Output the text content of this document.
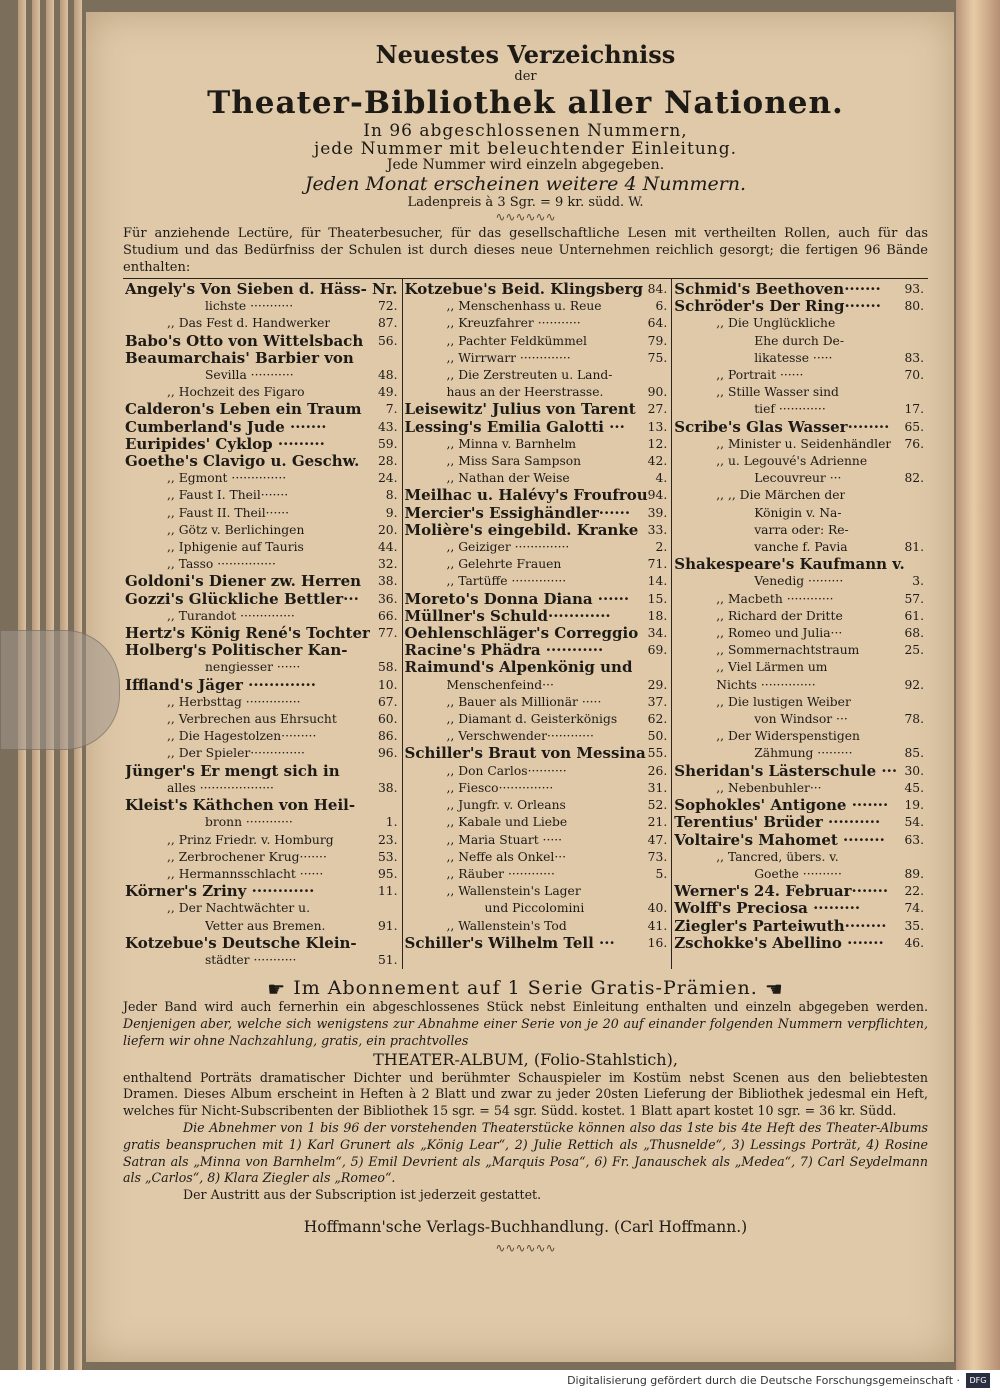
Neuestes Verzeichniss
der
Theater-Bibliothek aller Nationen.
In 96 abgeschlossenen Nummern,
jede Nummer mit beleuchtender Einleitung.
Jede Nummer wird einzeln abgegeben.
Jeden Monat erscheinen weitere 4 Nummern.
Ladenpreis à 3 Sgr. = 9 kr. südd. W.
∿∿∿∿∿∿
Für anziehende Lectüre, für Theaterbesucher, für das gesellschaftliche Lesen mit vertheilten Rollen, auch für das Studium und das Bedürfniss der Schulen ist durch dieses neue Unternehmen reichlich gesorgt; die fertigen 96 Bände enthalten:
Angely's Von Sieben d. Häss- Nr.
lichste ···········	72.
,, Das Fest d. Handwerker	87.
Babo's Otto von Wittelsbach 56.
Beaumarchais' Barbier von
Sevilla ···········	48.
,, Hochzeit des Figaro	49.
Calderon's Leben ein Traum 7.
Cumberland's Jude ·······	43.
Euripides' Cyklop ·········	59.
Goethe's Clavigo u. Geschw. 28.
,, Egmont ··············	24.
,, Faust I. Theil·······	8.
,, Faust II. Theil······	9.
,, Götz v. Berlichingen	20.
,, Iphigenie auf Tauris	44.
,, Tasso ···············	32.
Goldoni's Diener zw. Herren 38.
Gozzi's Glückliche Bettler··· 36.
,, Turandot ··············	66.
Hertz's König René's Tochter 77.
Holberg's Politischer Kan-
nengiesser ······	58.
Iffland's Jäger ·············	10.
,, Herbsttag ··············	67.
,, Verbrechen aus Ehrsucht	60.
,, Die Hagestolzen·········	86.
,, Der Spieler··············	96.
Jünger's Er mengt sich in
alles ···················	38.
Kleist's Käthchen von Heil-
bronn ············	1.
,, Prinz Friedr. v. Homburg	23.
,, Zerbrochener Krug·······	53.
,, Hermannsschlacht ······	95.
Körner's Zriny ············	11.
,, Der Nachtwächter u.
Vetter aus Bremen.	91.
Kotzebue's Deutsche Klein-
städter ···········	51.
Kotzebue's Beid. Klingsberg 84.
,, Menschenhass u. Reue	6.
,, Kreuzfahrer ···········	64.
,, Pachter Feldkümmel	79.
,, Wirrwarr ·············	75.
,, Die Zerstreuten u. Land-
haus an der Heerstrasse.	90.
Leisewitz' Julius von Tarent 27.
Lessing's Emilia Galotti ··· 13.
,, Minna v. Barnhelm	12.
,, Miss Sara Sampson	42.
,, Nathan der Weise	4.
Meilhac u. Halévy's Froufrou 94.
Mercier's Essighändler······ 39.
Molière's eingebild. Kranke 33.
,, Geiziger ··············	2.
,, Gelehrte Frauen	71.
,, Tartüffe ··············	14.
Moreto's Donna Diana ······ 15.
Müllner's Schuld············	18.
Oehlenschläger's Correggio 34.
Racine's Phädra ···········	69.
Raimund's Alpenkönig und
Menschenfeind···	29.
,, Bauer als Millionär ·····	37.
,, Diamant d. Geisterkönigs 62.
,, Verschwender············	50.
Schiller's Braut von Messina 55.
,, Don Carlos··········	26.
,, Fiesco··············	31.
,, Jungfr. v. Orleans	52.
,, Kabale und Liebe	21.
,, Maria Stuart ·····	47.
,, Neffe als Onkel···	73.
,, Räuber ············	5.
,, Wallenstein's Lager
und Piccolomini	40.
,, Wallenstein's Tod	41.
Schiller's Wilhelm Tell ···	16.
Schmid's Beethoven······· 93.
Schröder's Der Ring······· 80.
,, Die Unglückliche
Ehe durch De-
likatesse ·····	83.
,, Portrait ······	70.
,, Stille Wasser sind
tief ············	17.
Scribe's Glas Wasser········ 65.
,, Minister u. Seidenhändler 76.
,, u. Legouvé's Adrienne
Lecouvreur ···	82.
,, ,, Die Märchen der
Königin v. Na-
varra oder: Re-
vanche f. Pavia	81.
Shakespeare's Kaufmann v.
Venedig ·········	3.
,, Macbeth ············	57.
,, Richard der Dritte	61.
,, Romeo und Julia···	68.
,, Sommernachtstraum	25.
,, Viel Lärmen um
Nichts ··············	92.
,, Die lustigen Weiber
von Windsor ···	78.
,, Der Widerspenstigen
Zähmung ·········	85.
Sheridan's Lästerschule ··· 30.
,, Nebenbuhler···	45.
Sophokles' Antigone ······· 19.
Terentius' Brüder ·········· 54.
Voltaire's Mahomet ········ 63.
,, Tancred, übers. v.
Goethe ··········	89.
Werner's 24. Februar······· 22.
Wolff's Preciosa ·········	74.
Ziegler's Parteiwuth········ 35.
Zschokke's Abellino ······· 46.
☛ Im Abonnement auf 1 Serie Gratis-Prämien. ☚
Jeder Band wird auch fernerhin ein abgeschlossenes Stück nebst Einleitung enthalten und einzeln abgegeben werden. Denjenigen aber, welche sich wenigstens zur Abnahme einer Serie von je 20 auf einander folgenden Nummern verpflichten, liefern wir ohne Nachzahlung, gratis, ein prachtvolles
THEATER-ALBUM, (Folio-Stahlstich),
enthaltend Porträts dramatischer Dichter und berühmter Schauspieler im Kostüm nebst Scenen aus den beliebtesten Dramen. Dieses Album erscheint in Heften à 2 Blatt und zwar zu jeder 20sten Lieferung der Bibliothek jedesmal ein Heft, welches für Nicht-Subscribenten der Bibliothek 15 sgr. = 54 sgr. Südd. kostet. 1 Blatt apart kostet 10 sgr. = 36 kr. Südd.
Die Abnehmer von 1 bis 96 der vorstehenden Theaterstücke können also das 1ste bis 4te Heft des Theater-Albums gratis beanspruchen mit 1) Karl Grunert als „König Lear“, 2) Julie Rettich als „Thusnelde“, 3) Lessings Porträt, 4) Rosine Satran als „Minna von Barnhelm“, 5) Emil Devrient als „Marquis Posa“, 6) Fr. Janauschek als „Medea“, 7) Carl Seydelmann als „Carlos“, 8) Klara Ziegler als „Romeo“.
Der Austritt aus der Subscription ist jederzeit gestattet.
Hoffmann'sche Verlags-Buchhandlung. (Carl Hoffmann.)
∿∿∿∿∿∿
Digitalisierung gefördert durch die Deutsche Forschungsgemeinschaft ·	DFG
